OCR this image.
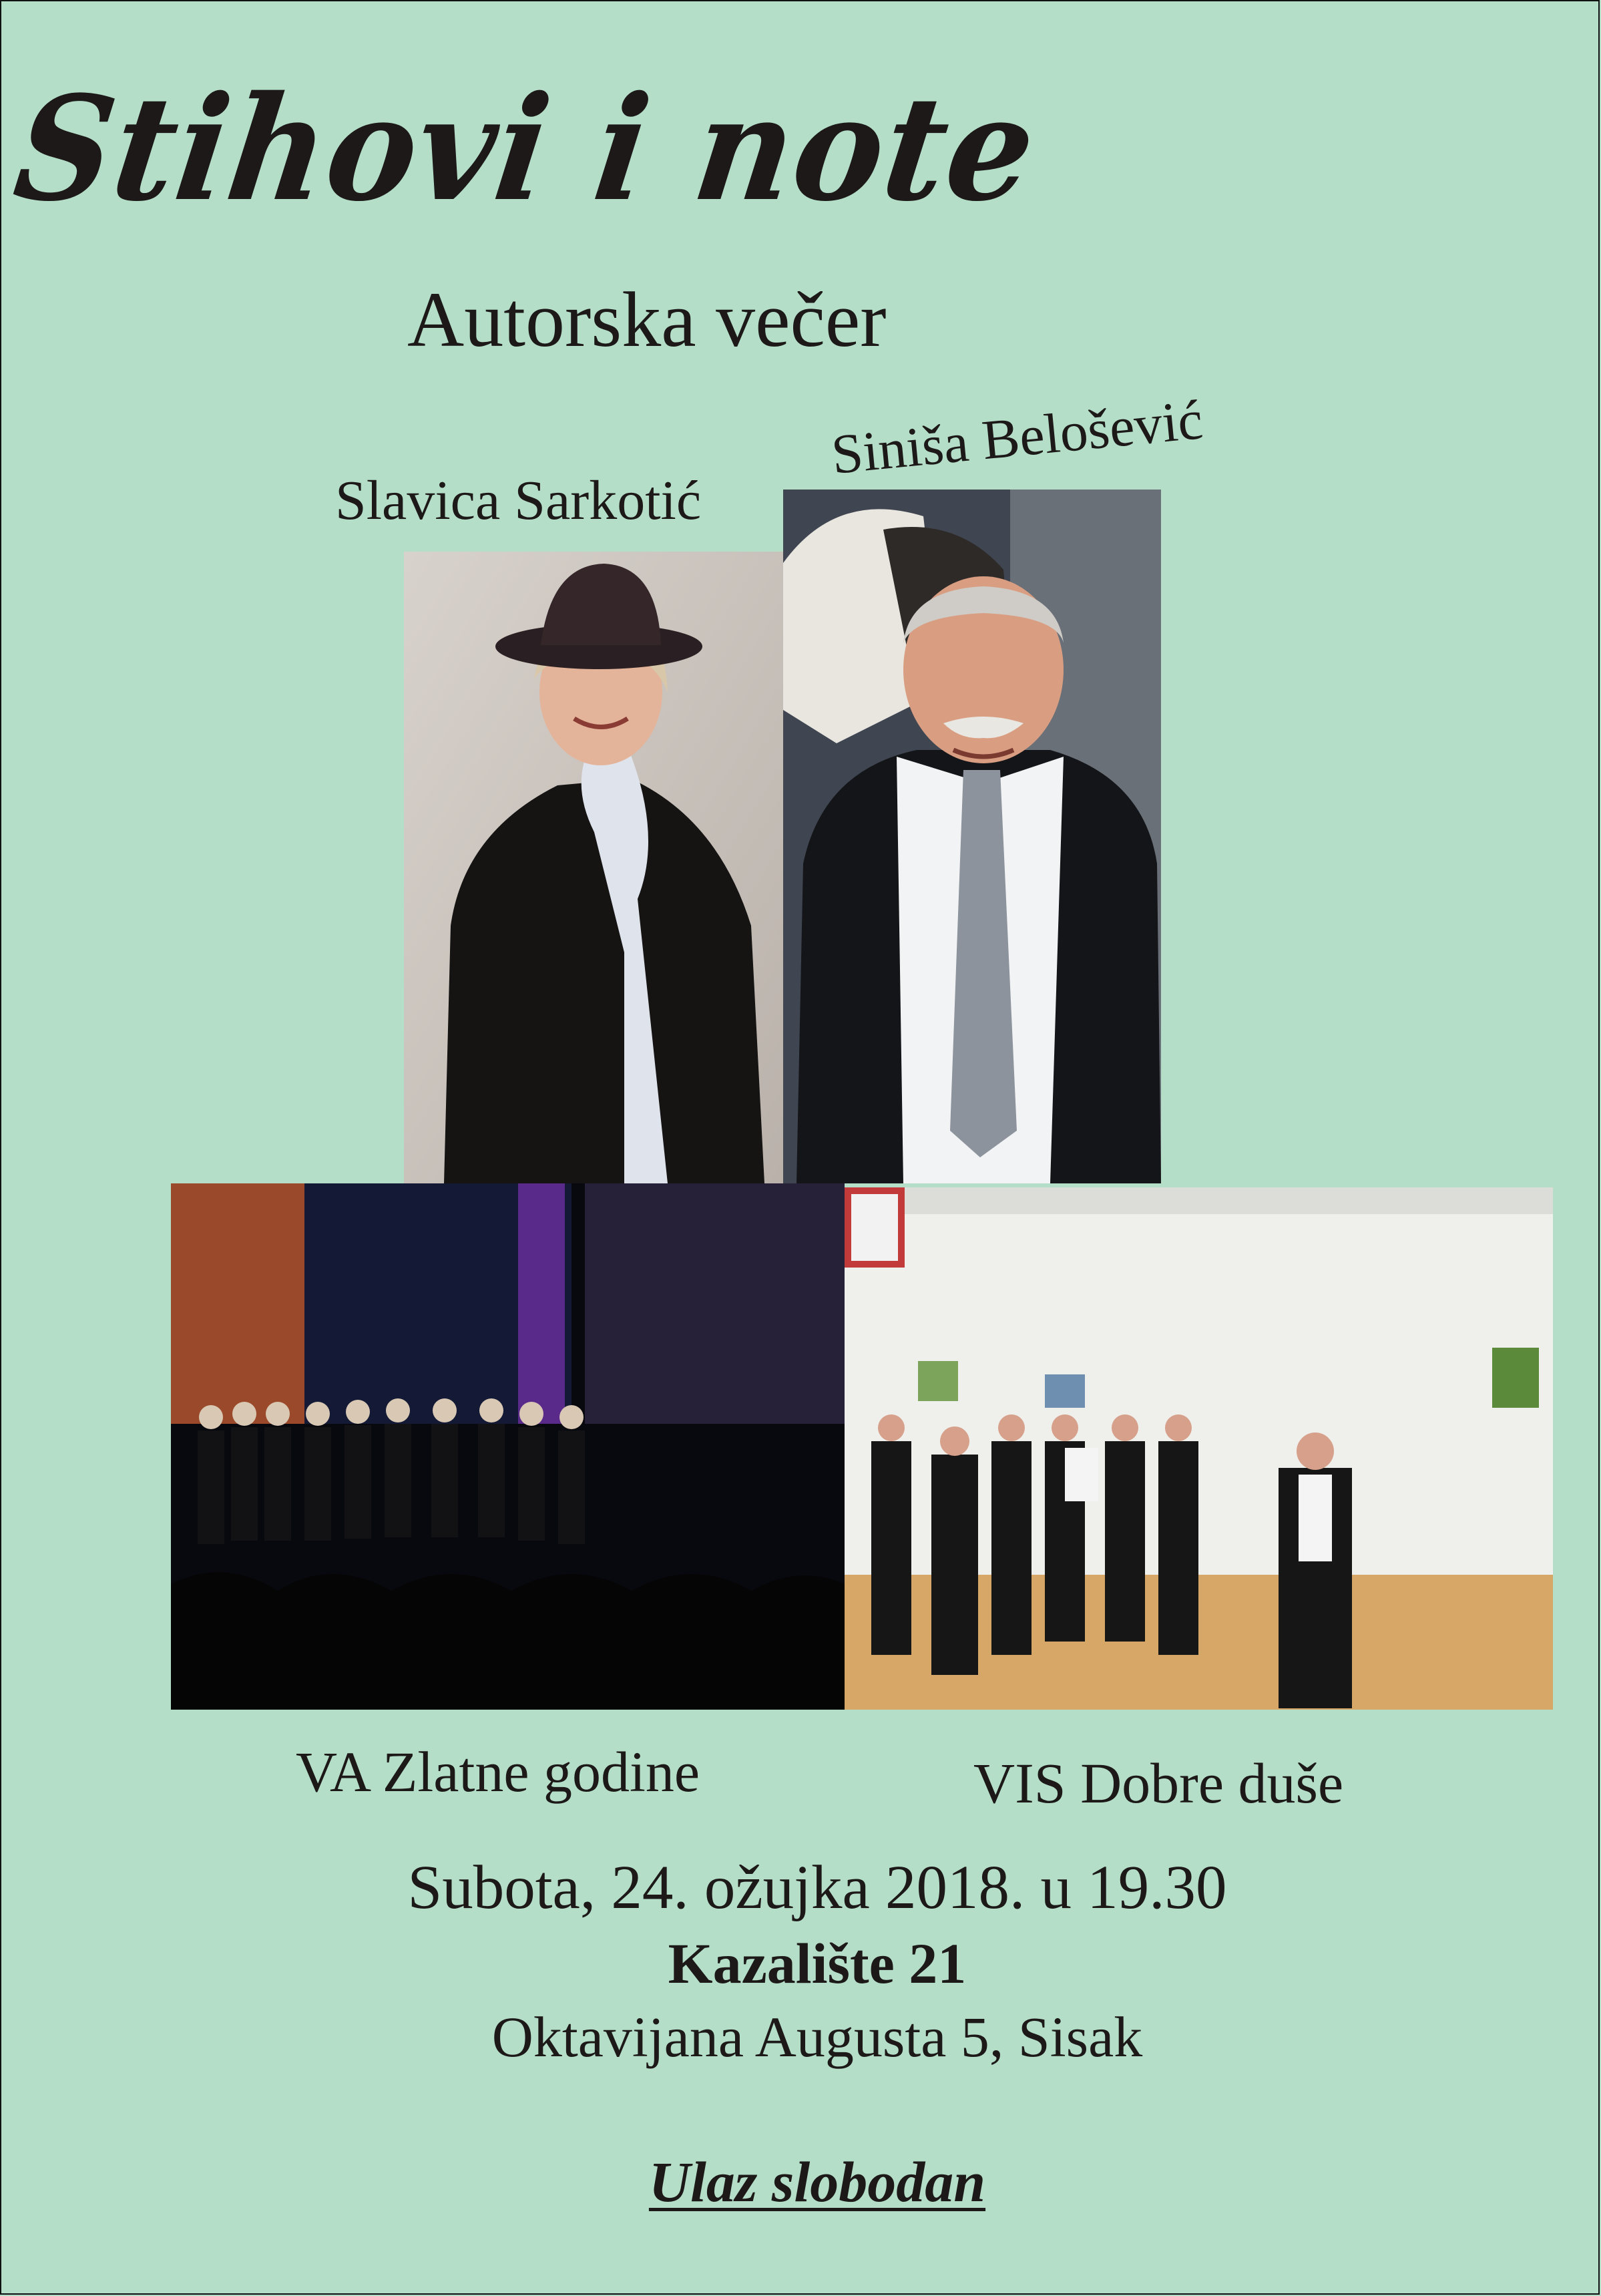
Stihovi i note
Autorska večer
Slavica Sarkotić
Siniša Belošević
VA Zlatne godine	VIS Dobre duše
Subota, 24. ožujka 2018. u 19.30
Kazalište 21
Oktavijana Augusta 5, Sisak
Ulaz slobodan
